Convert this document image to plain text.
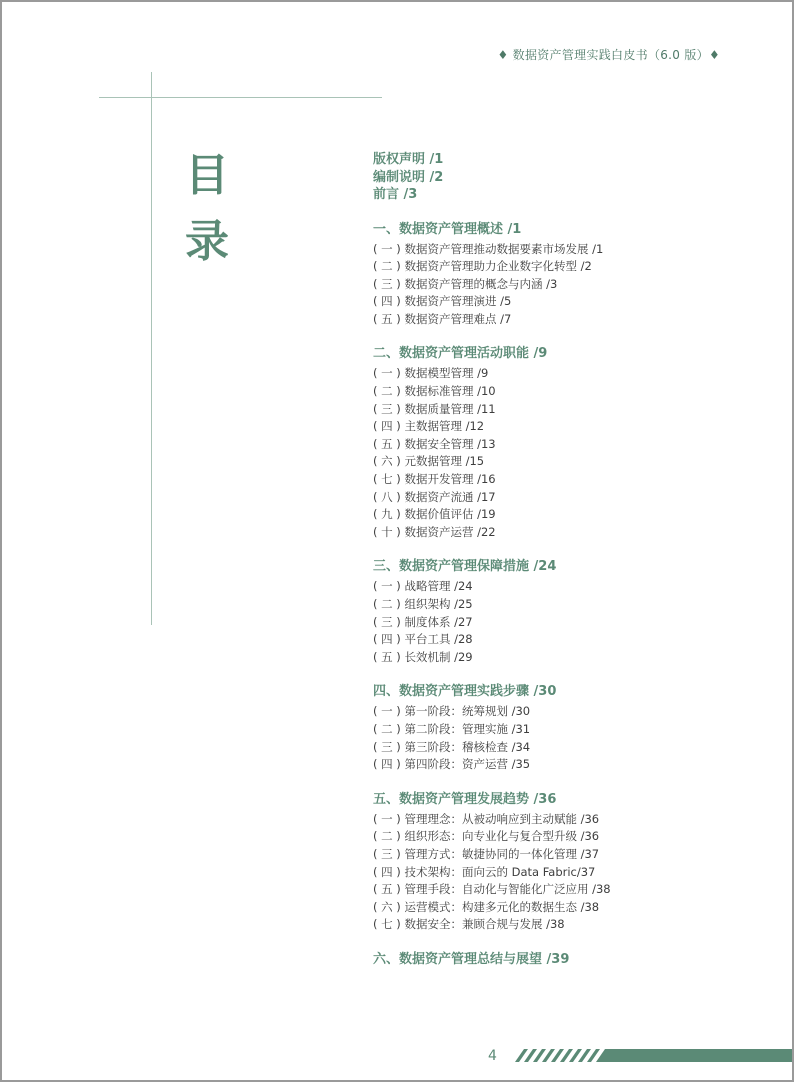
♦ 数据资产管理实践白皮书（6.0 版）♦
目
录
版权声明 /1
编制说明 /2
前言 /3
一、数据资产管理概述 /1
( 一 ) 数据资产管理推动数据要素市场发展 /1
( 二 ) 数据资产管理助力企业数字化转型 /2
( 三 ) 数据资产管理的概念与内涵 /3
( 四 ) 数据资产管理演进 /5
( 五 ) 数据资产管理难点 /7
二、数据资产管理活动职能 /9
( 一 ) 数据模型管理 /9
( 二 ) 数据标准管理 /10
( 三 ) 数据质量管理 /11
( 四 ) 主数据管理 /12
( 五 ) 数据安全管理 /13
( 六 ) 元数据管理 /15
( 七 ) 数据开发管理 /16
( 八 ) 数据资产流通 /17
( 九 ) 数据价值评估 /19
( 十 ) 数据资产运营 /22
三、数据资产管理保障措施 /24
( 一 ) 战略管理 /24
( 二 ) 组织架构 /25
( 三 ) 制度体系 /27
( 四 ) 平台工具 /28
( 五 ) 长效机制 /29
四、数据资产管理实践步骤 /30
( 一 ) 第一阶段：统筹规划 /30
( 二 ) 第二阶段：管理实施 /31
( 三 ) 第三阶段：稽核检查 /34
( 四 ) 第四阶段：资产运营 /35
五、数据资产管理发展趋势 /36
( 一 ) 管理理念：从被动响应到主动赋能 /36
( 二 ) 组织形态：向专业化与复合型升级 /36
( 三 ) 管理方式：敏捷协同的一体化管理 /37
( 四 ) 技术架构：面向云的 Data Fabric/37
( 五 ) 管理手段：自动化与智能化广泛应用 /38
( 六 ) 运营模式：构建多元化的数据生态 /38
( 七 ) 数据安全：兼顾合规与发展 /38
六、数据资产管理总结与展望 /39
4
